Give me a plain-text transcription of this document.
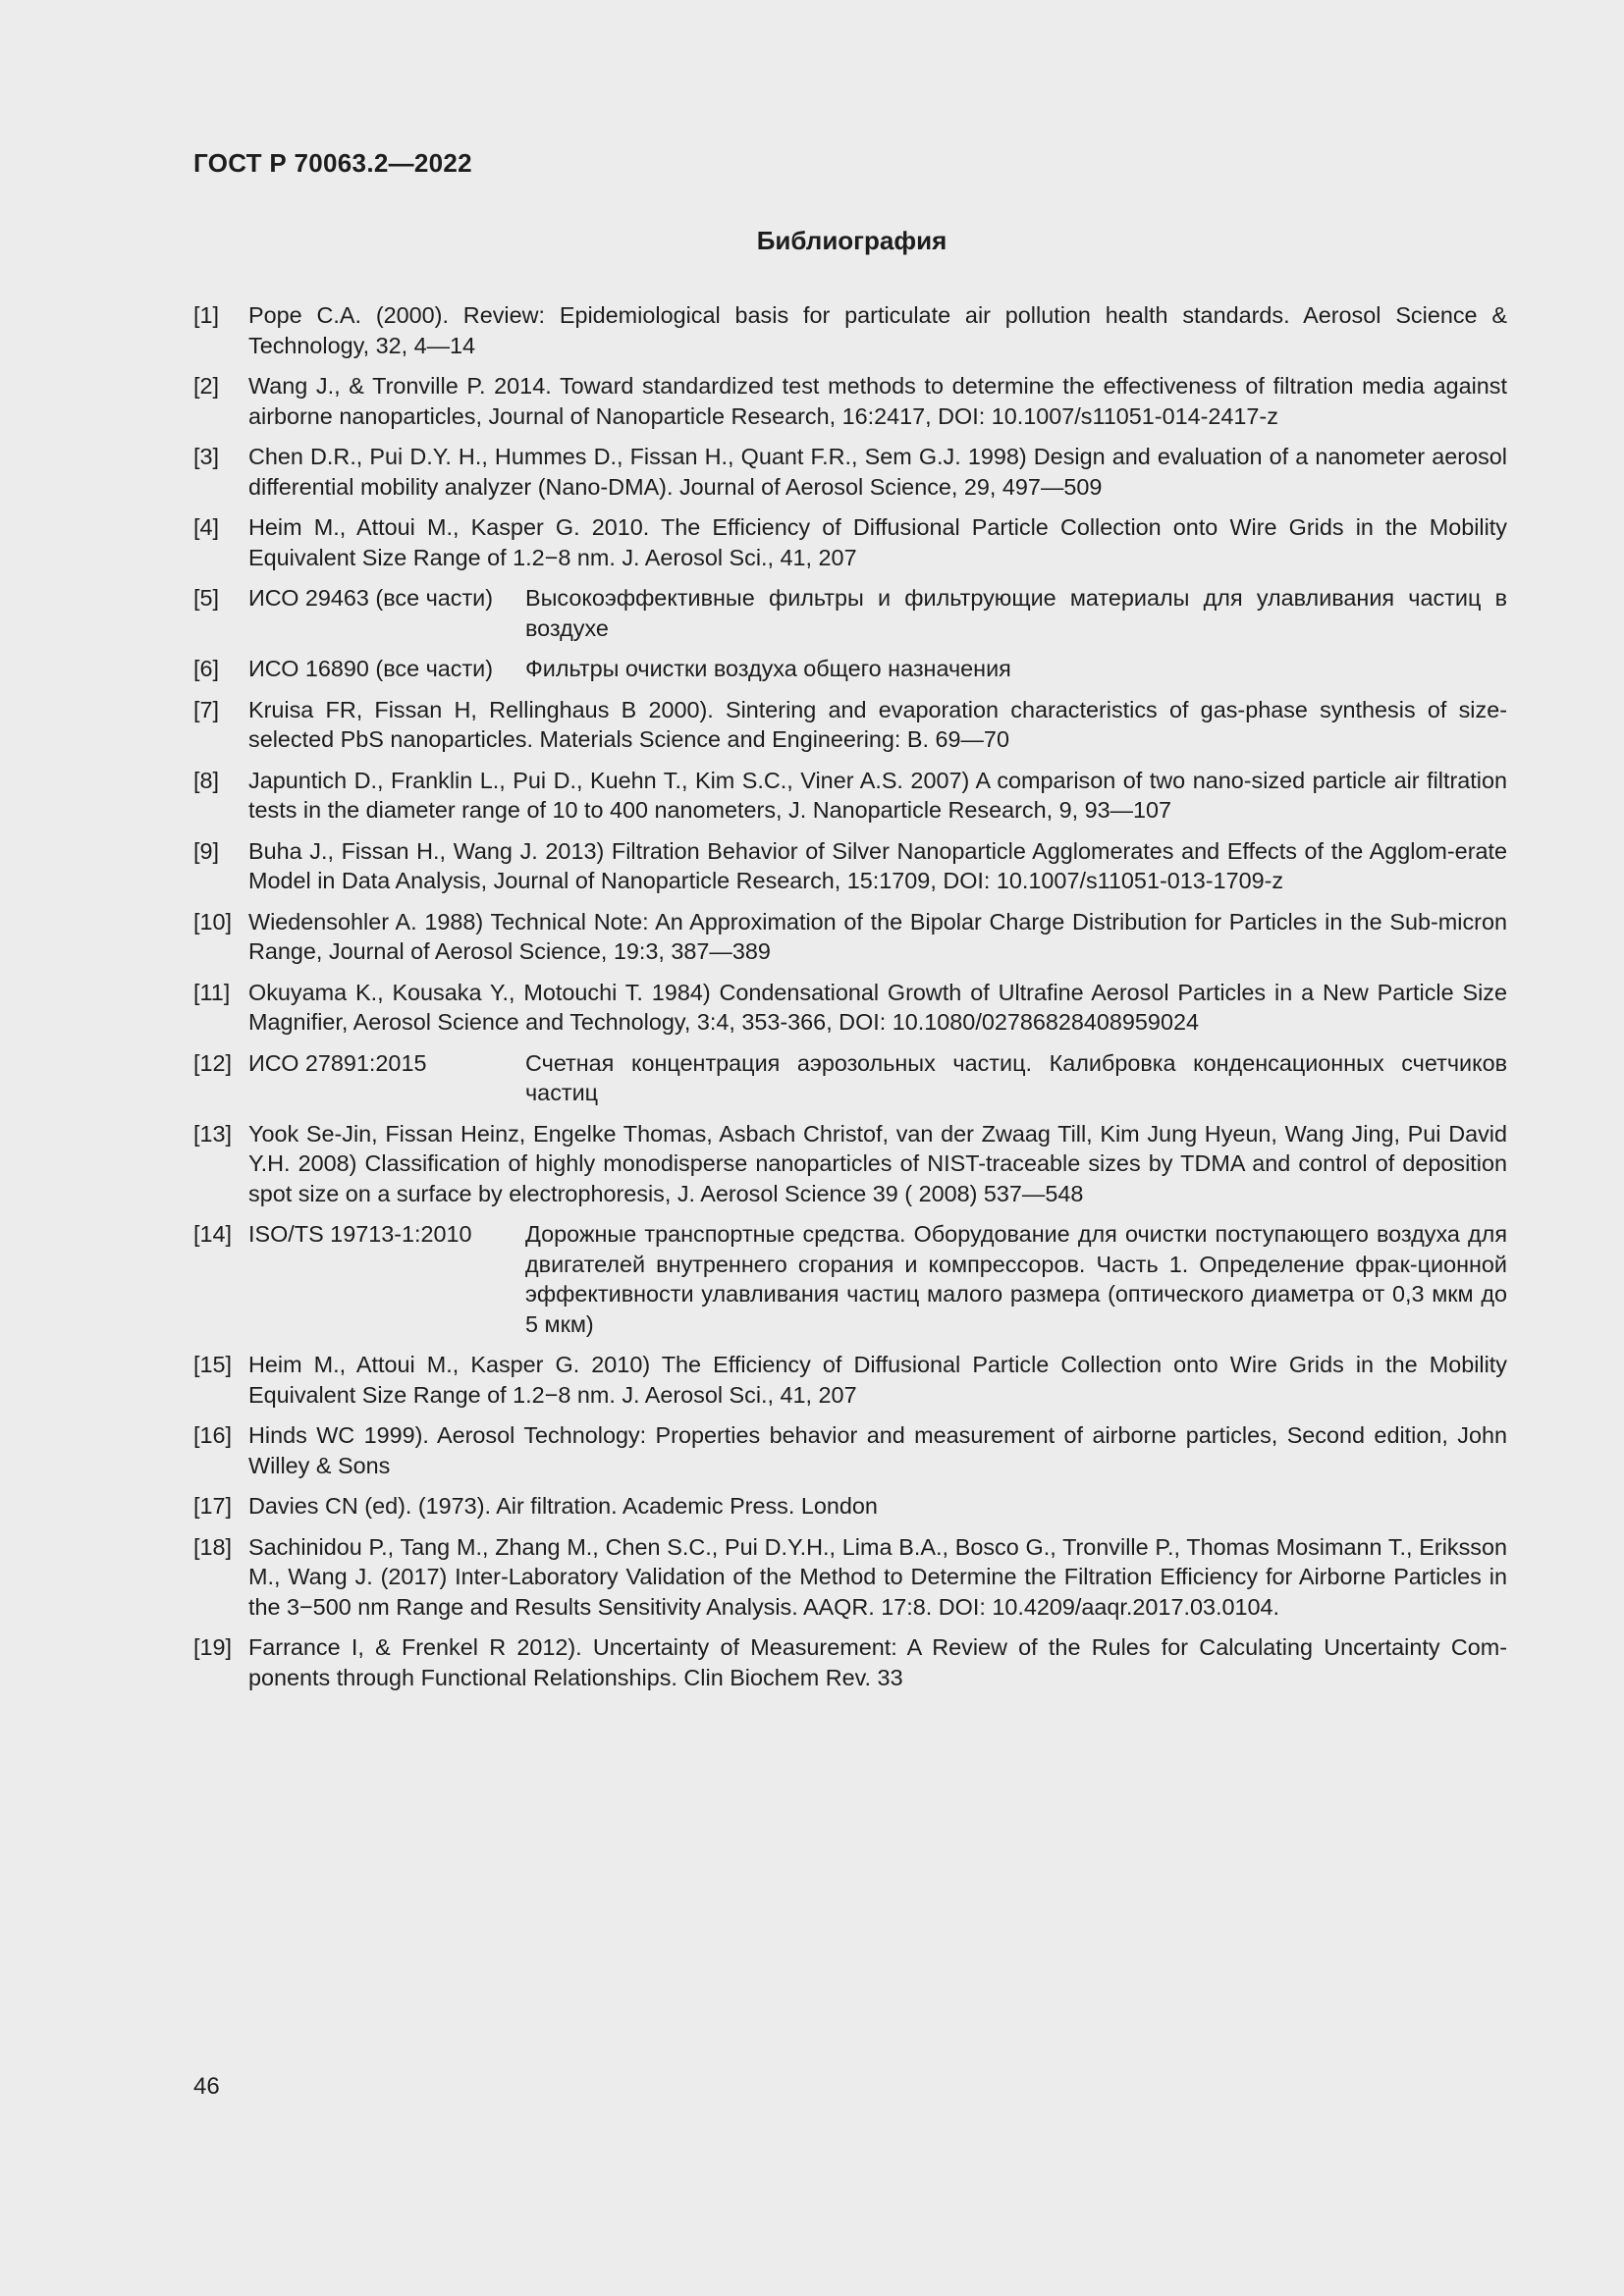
ГОСТ Р 70063.2—2022
Библиография
[1] Pope C.A. (2000). Review: Epidemiological basis for particulate air pollution health standards. Aerosol Science & Technology, 32, 4—14
[2] Wang J., & Tronville P. 2014. Toward standardized test methods to determine the effectiveness of filtration media against airborne nanoparticles, Journal of Nanoparticle Research, 16:2417, DOI: 10.1007/s11051-014-2417-z
[3] Chen D.R., Pui D.Y. H., Hummes D., Fissan H., Quant F.R., Sem G.J. 1998) Design and evaluation of a nanometer aerosol differential mobility analyzer (Nano-DMA). Journal of Aerosol Science, 29, 497—509
[4] Heim M., Attoui M., Kasper G. 2010. The Efficiency of Diffusional Particle Collection onto Wire Grids in the Mobility Equivalent Size Range of 1.2−8 nm. J. Aerosol Sci., 41, 207
[5] ИСО 29463 (все части)	Высокоэффективные фильтры и фильтрующие материалы для улавливания частиц в воздухе
[6] ИСО 16890 (все части)	Фильтры очистки воздуха общего назначения
[7] Kruisa FR, Fissan H, Rellinghaus B 2000). Sintering and evaporation characteristics of gas-phase synthesis of size-selected PbS nanoparticles. Materials Science and Engineering: B. 69—70
[8] Japuntich D., Franklin L., Pui D., Kuehn T., Kim S.C., Viner A.S. 2007) A comparison of two nano-sized particle air filtration tests in the diameter range of 10 to 400 nanometers, J. Nanoparticle Research, 9, 93—107
[9] Buha J., Fissan H., Wang J. 2013) Filtration Behavior of Silver Nanoparticle Agglomerates and Effects of the Agglom-erate Model in Data Analysis, Journal of Nanoparticle Research, 15:1709, DOI: 10.1007/s11051-013-1709-z
[10] Wiedensohler A. 1988) Technical Note: An Approximation of the Bipolar Charge Distribution for Particles in the Sub-micron Range, Journal of Aerosol Science, 19:3, 387—389
[11] Okuyama K., Kousaka Y., Motouchi T. 1984) Condensational Growth of Ultrafine Aerosol Particles in a New Particle Size Magnifier, Aerosol Science and Technology, 3:4, 353-366, DOI: 10.1080/02786828408959024
[12] ИСО 27891:2015	Счетная концентрация аэрозольных частиц. Калибровка конденсационных счетчиков частиц
[13] Yook Se-Jin, Fissan Heinz, Engelke Thomas, Asbach Christof, van der Zwaag Till, Kim Jung Hyeun, Wang Jing, Pui David Y.H. 2008) Classification of highly monodisperse nanoparticles of NIST-traceable sizes by TDMA and control of deposition spot size on a surface by electrophoresis, J. Aerosol Science 39 ( 2008) 537—548
[14] ISO/TS 19713-1:2010	Дорожные транспортные средства. Оборудование для очистки поступающего воздуха для двигателей внутреннего сгорания и компрессоров. Часть 1. Определение фрак-ционной эффективности улавливания частиц малого размера (оптического диаметра от 0,3 мкм до 5 мкм)
[15] Heim M., Attoui M., Kasper G. 2010) The Efficiency of Diffusional Particle Collection onto Wire Grids in the Mobility Equivalent Size Range of 1.2−8 nm. J. Aerosol Sci., 41, 207
[16] Hinds WC 1999). Aerosol Technology: Properties behavior and measurement of airborne particles, Second edition, John Willey & Sons
[17] Davies CN (ed). (1973). Air filtration. Academic Press. London
[18] Sachinidou P., Tang M., Zhang M., Chen S.C., Pui D.Y.H., Lima B.A., Bosco G., Tronville P., Thomas Mosimann T., Eriksson M., Wang J. (2017) Inter-Laboratory Validation of the Method to Determine the Filtration Efficiency for Airborne Particles in the 3−500 nm Range and Results Sensitivity Analysis. AAQR. 17:8. DOI: 10.4209/aaqr.2017.03.0104.
[19] Farrance I, & Frenkel R 2012). Uncertainty of Measurement: A Review of the Rules for Calculating Uncertainty Com-ponents through Functional Relationships. Clin Biochem Rev. 33
46
